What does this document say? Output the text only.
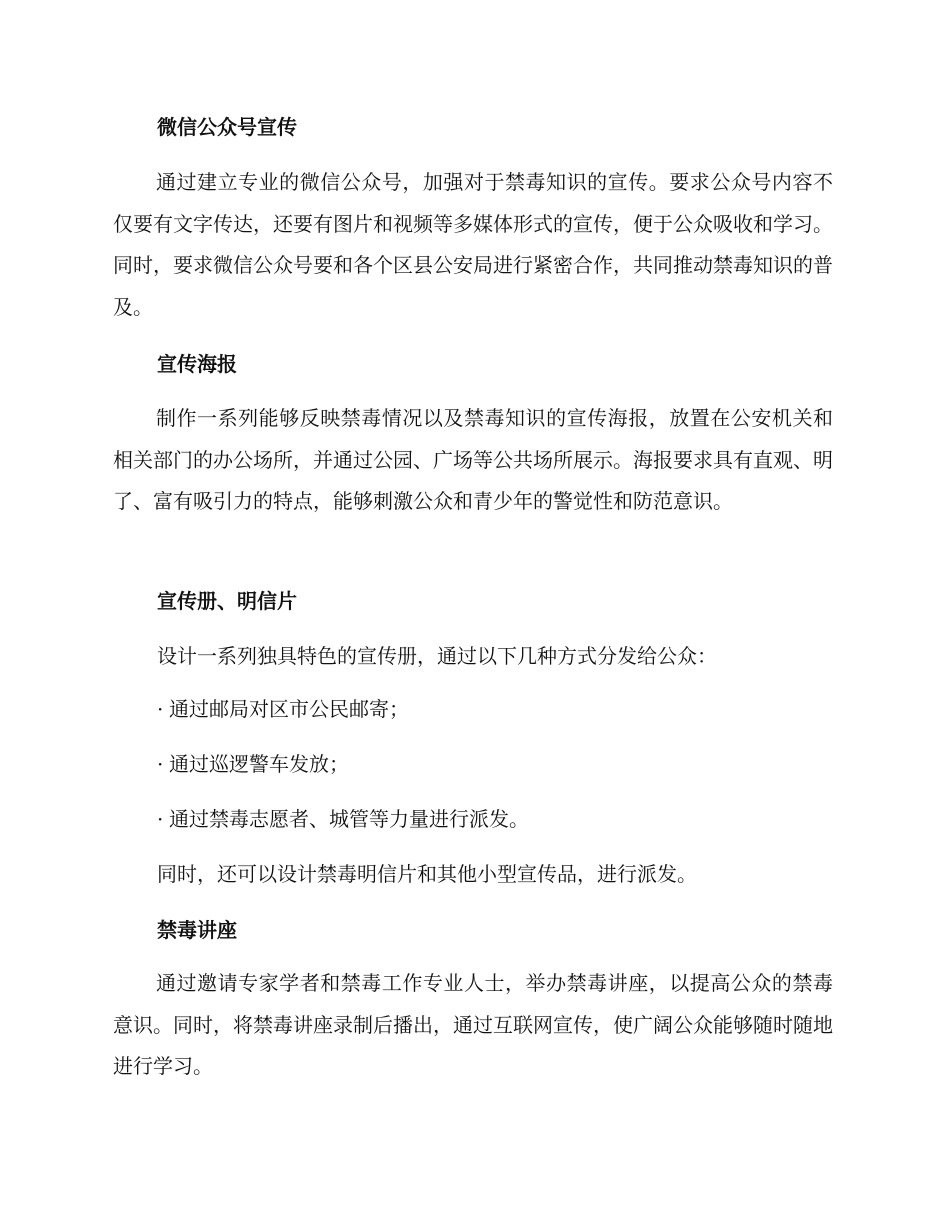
微信公众号宣传
通过建立专业的微信公众号，加强对于禁毒知识的宣传。要求公众号内容不仅要有文字传达，还要有图片和视频等多媒体形式的宣传，便于公众吸收和学习。同时，要求微信公众号要和各个区县公安局进行紧密合作，共同推动禁毒知识的普及。
宣传海报
制作一系列能够反映禁毒情况以及禁毒知识的宣传海报，放置在公安机关和相关部门的办公场所，并通过公园、广场等公共场所展示。海报要求具有直观、明了、富有吸引力的特点，能够刺激公众和青少年的警觉性和防范意识。
宣传册、明信片
设计一系列独具特色的宣传册，通过以下几种方式分发给公众：
· 通过邮局对区市公民邮寄；
· 通过巡逻警车发放；
· 通过禁毒志愿者、城管等力量进行派发。
同时，还可以设计禁毒明信片和其他小型宣传品，进行派发。
禁毒讲座
通过邀请专家学者和禁毒工作专业人士，举办禁毒讲座，以提高公众的禁毒意识。同时，将禁毒讲座录制后播出，通过互联网宣传，使广阔公众能够随时随地进行学习。
